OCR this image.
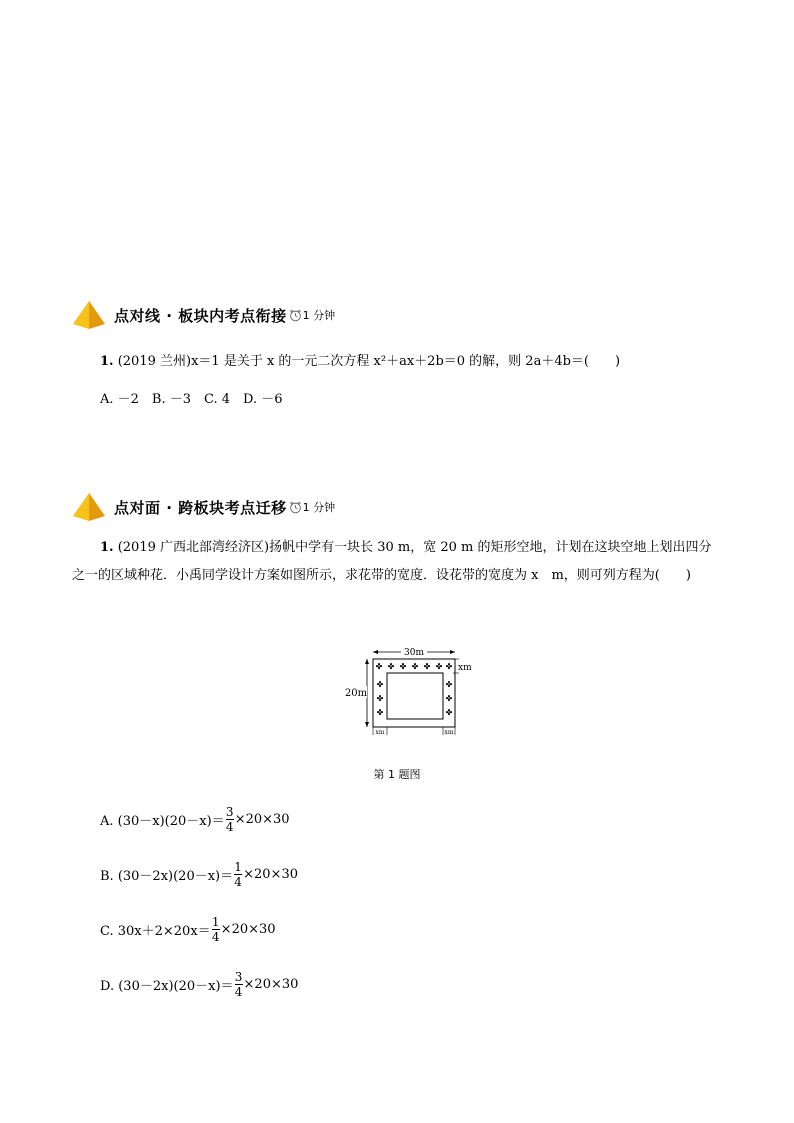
点对线 · 板块内考点衔接 1 分钟
1. (2019 兰州)x＝1 是关于 x 的一元二次方程 x²＋ax＋2b＝0 的解，则 2a＋4b＝(　　)
A. －2　B. －3　C. 4　D. －6
点对面 · 跨板块考点迁移 1 分钟
1. (2019 广西北部湾经济区)扬帆中学有一块长 30 m，宽 20 m 的矩形空地，计划在这块空地上划出四分之一的区域种花．小禹同学设计方案如图所示，求花带的宽度．设花带的宽度为 x　m，则可列方程为(　　)
30m
20m
xm
xm	xm
✤ ✤ ✤ ✤ ✤ ✤ ✤
✤
✤
✤
✤
✤
✤
第 1 题图
A. $(30-x)(20-x)= \frac{3}{4} \times 20\times 30$
B. $(30-2x)(20-x)= \frac{1}{4} \times 20\times 30$
C. $30x+2\times 20x= \frac{1}{4} \times 20\times 30$
D. $(30-2x)(20-x)= \frac{3}{4} \times 20\times 30$
